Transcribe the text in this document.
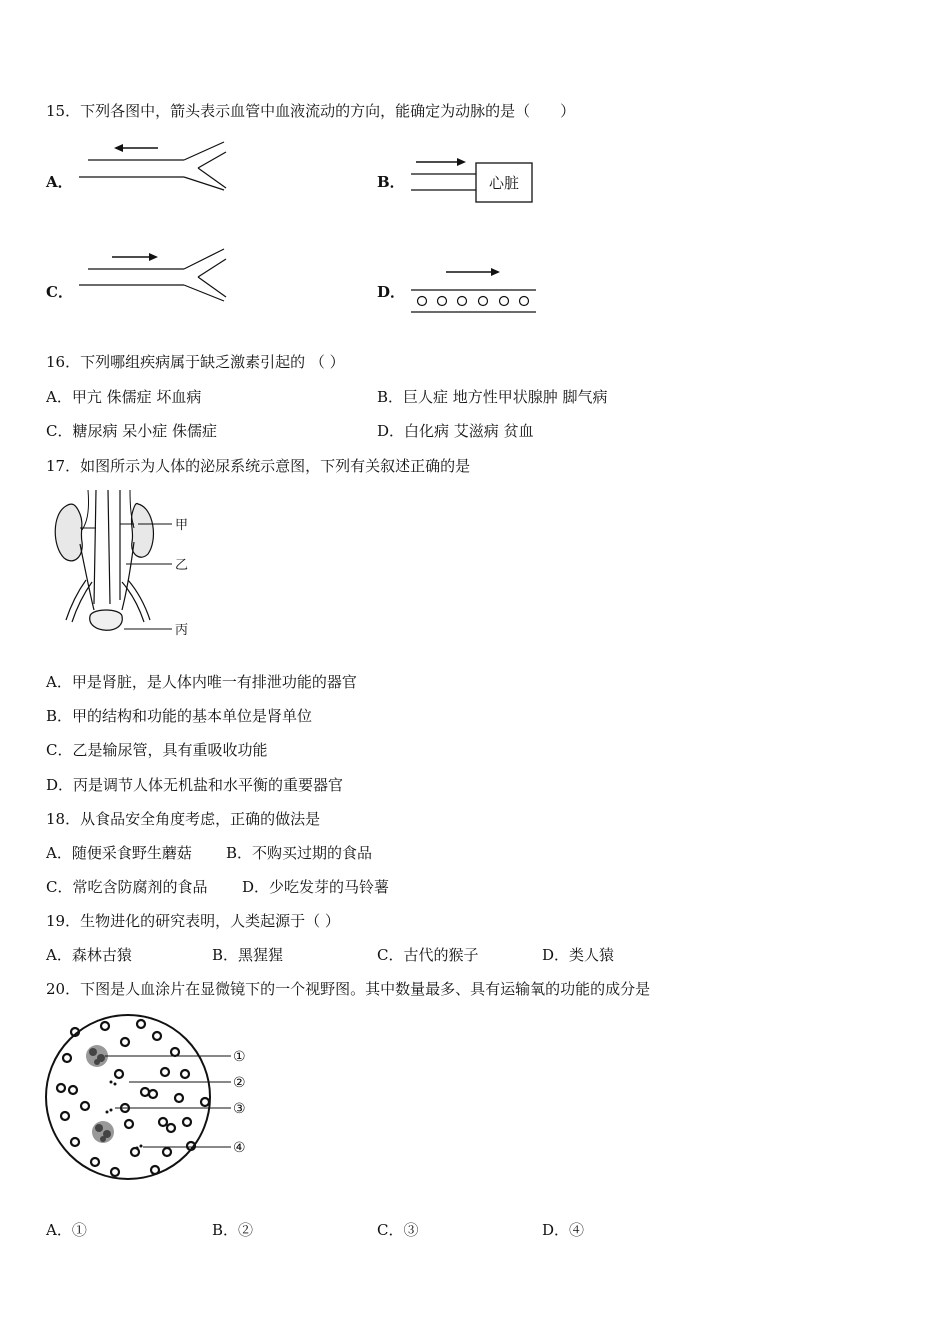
15．下列各图中，箭头表示血管中血液流动的方向，能确定为动脉的是（　　）
A．	B．	心脏
C．	D．
16．下列哪组疾病属于缺乏激素引起的 （ ）
A．甲亢 侏儒症 坏血病	B．巨人症 地方性甲状腺肿 脚气病
C．糖尿病 呆小症 侏儒症	D．白化病 艾滋病 贫血
17．如图所示为人体的泌尿系统示意图，下列有关叙述正确的是
甲
乙
丙
A．甲是肾脏，是人体内唯一有排泄功能的器官
B．甲的结构和功能的基本单位是肾单位
C．乙是输尿管，具有重吸收功能
D．丙是调节人体无机盐和水平衡的重要器官
18．从食品安全角度考虑，正确的做法是
A．随便采食野生蘑菇 B．不购买过期的食品
C．常吃含防腐剂的食品 D．少吃发芽的马铃薯
19．生物进化的研究表明，人类起源于（ ）
A．森林古猿	B．黑猩猩	C．古代的猴子	D．类人猿
20．下图是人血涂片在显微镜下的一个视野图。其中数量最多、具有运输氧的功能的成分是
①
②
③
④
A．①	B．②	C．③	D．④
